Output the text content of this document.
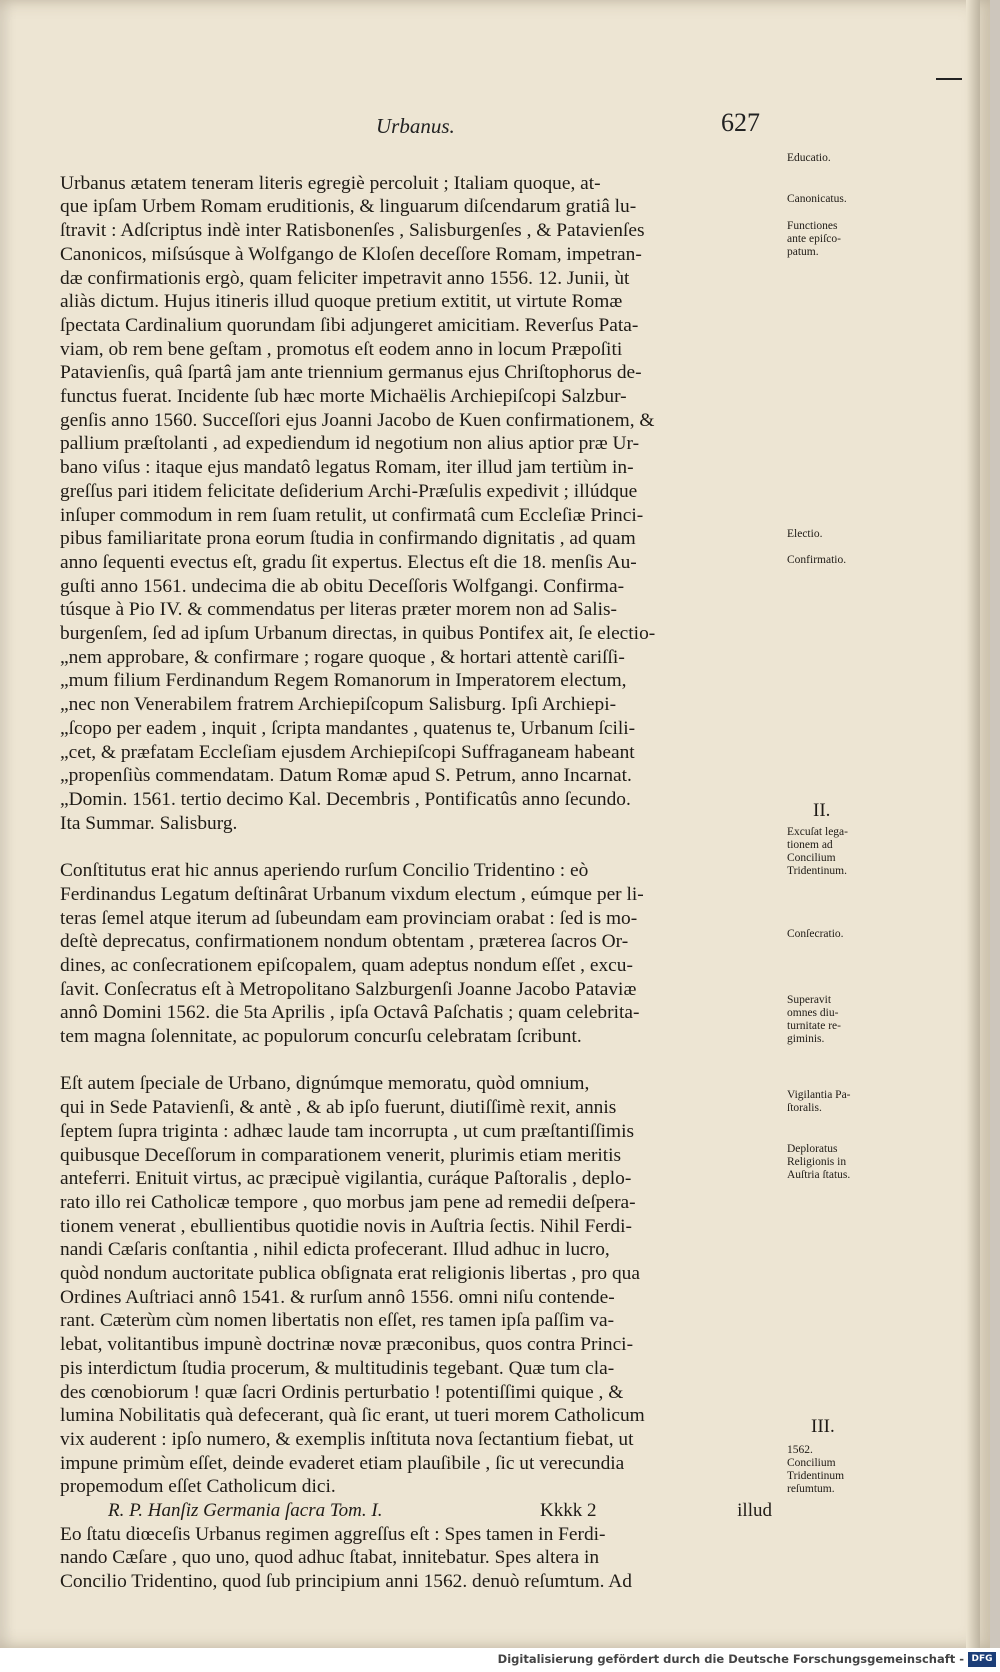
Urbanus.	627

Urbanus ætatem teneram literis egregiè percoluit ; Italiam quoque, at-
que ipſam Urbem Romam eruditionis, & linguarum diſcendarum gratiâ lu-
ſtravit : Adſcriptus indè inter Ratisbonenſes , Salisburgenſes , & Patavienſes
Canonicos, miſsúsque à Wolfgango de Kloſen deceſſore Romam, impetran-
dæ confirmationis ergò, quam feliciter impetravit anno 1556. 12. Junii, ùt
aliàs dictum. Hujus itineris illud quoque pretium extitit, ut virtute Romæ
ſpectata Cardinalium quorundam ſibi adjungeret amicitiam. Reverſus Pata-
viam, ob rem bene geſtam , promotus eſt eodem anno in locum Præpoſiti
Patavienſis, quâ ſpartâ jam ante triennium germanus ejus Chriſtophorus de-
functus fuerat. Incidente ſub hæc morte Michaëlis Archiepiſcopi Salzbur-
genſis anno 1560. Succeſſori ejus Joanni Jacobo de Kuen confirmationem, &
pallium præſtolanti , ad expediendum id negotium non alius aptior præ Ur-
bano viſus : itaque ejus mandatô legatus Romam, iter illud jam tertiùm in-
greſſus pari itidem felicitate deſiderium Archi-Præſulis expedivit ; illúdque
inſuper commodum in rem ſuam retulit, ut confirmatâ cum Eccleſiæ Princi-
pibus familiaritate prona eorum ſtudia in confirmando dignitatis , ad quam
anno ſequenti evectus eſt, gradu ſit expertus. Electus eſt die 18. menſis Au-
guſti anno 1561. undecima die ab obitu Deceſſoris Wolfgangi. Confirma-
túsque à Pio IV. & commendatus per literas præter morem non ad Salis-
burgenſem, ſed ad ipſum Urbanum directas, in quibus Pontifex ait, ſe electio-
„nem approbare, & confirmare ; rogare quoque , & hortari attentè cariſſi-
„mum filium Ferdinandum Regem Romanorum in Imperatorem electum,
„nec non Venerabilem fratrem Archiepiſcopum Salisburg. Ipſi Archiepi-
„ſcopo per eadem , inquit , ſcripta mandantes , quatenus te, Urbanum ſcili-
„cet, & præfatam Eccleſiam ejusdem Archiepiſcopi Suffraganeam habeant
„propenſiùs commendatam. Datum Romæ apud S. Petrum, anno Incarnat.
„Domin. 1561. tertio decimo Kal. Decembris , Pontificatûs anno ſecundo.
Ita Summar. Salisburg.

Conſtitutus erat hic annus aperiendo rurſum Concilio Tridentino : eò
Ferdinandus Legatum deſtinârat Urbanum vixdum electum , eúmque per li-
teras ſemel atque iterum ad ſubeundam eam provinciam orabat : ſed is mo-
deſtè deprecatus, confirmationem nondum obtentam , præterea ſacros Or-
dines, ac conſecrationem epiſcopalem, quam adeptus nondum eſſet , excu-
ſavit. Conſecratus eſt à Metropolitano Salzburgenſi Joanne Jacobo Pataviæ
annô Domini 1562. die 5ta Aprilis , ipſa Octavâ Paſchatis ; quam celebrita-
tem magna ſolennitate, ac populorum concurſu celebratam ſcribunt.

Eſt autem ſpeciale de Urbano, dignúmque memoratu, quòd omnium,
qui in Sede Patavienſi, & antè , & ab ipſo fuerunt, diutiſſimè rexit, annis
ſeptem ſupra triginta : adhæc laude tam incorrupta , ut cum præſtantiſſimis
quibusque Deceſſorum in comparationem venerit, plurimis etiam meritis
anteferri. Enituit virtus, ac præcipuè vigilantia, curáque Paſtoralis , deplo-
rato illo rei Catholicæ tempore , quo morbus jam pene ad remedii deſpera-
tionem venerat , ebullientibus quotidie novis in Auſtria ſectis. Nihil Ferdi-
nandi Cæſaris conſtantia , nihil edicta profecerant. Illud adhuc in lucro,
quòd nondum auctoritate publica obſignata erat religionis libertas , pro qua
Ordines Auſtriaci annô 1541. & rurſum annô 1556. omni niſu contende-
rant. Cæterùm cùm nomen libertatis non eſſet, res tamen ipſa paſſim va-
lebat, volitantibus impunè doctrinæ novæ præconibus, quos contra Princi-
pis interdictum ſtudia procerum, & multitudinis tegebant. Quæ tum cla-
des cœnobiorum ! quæ ſacri Ordinis perturbatio ! potentiſſimi quique , &
lumina Nobilitatis quà defecerant, quà ſic erant, ut tueri morem Catholicum
vix auderent : ipſo numero, & exemplis inſtituta nova ſectantium fiebat, ut
impune primùm eſſet, deinde evaderet etiam plauſibile , ſic ut verecundia
propemodum eſſet Catholicum dici.

Eo ſtatu diœceſis Urbanus regimen aggreſſus eſt : Spes tamen in Ferdi-
nando Cæſare , quo uno, quod adhuc ſtabat, innitebatur. Spes altera in
Concilio Tridentino, quod ſub principium anni 1562. denuò reſumtum. Ad

Educatio.
Canonicatus.
Functiones ante epiſco-patum.
Electio.
Confirmatio.
II.
Excuſat lega-tionem ad Concilium Tridentinum.
Conſecratio.
Superavit omnes diu-turnitate re-giminis.
Vigilantia Pa-ſtoralis.
Deploratus Religionis in Auſtria ſtatus.
III.
1562. Concilium Tridentinum reſumtum.
R. P. Hanſiz Germania ſacra Tom. I.	Kkkk 2	illud
Digitalisierung gefördert durch die Deutsche Forschungsgemeinschaft - DFG
